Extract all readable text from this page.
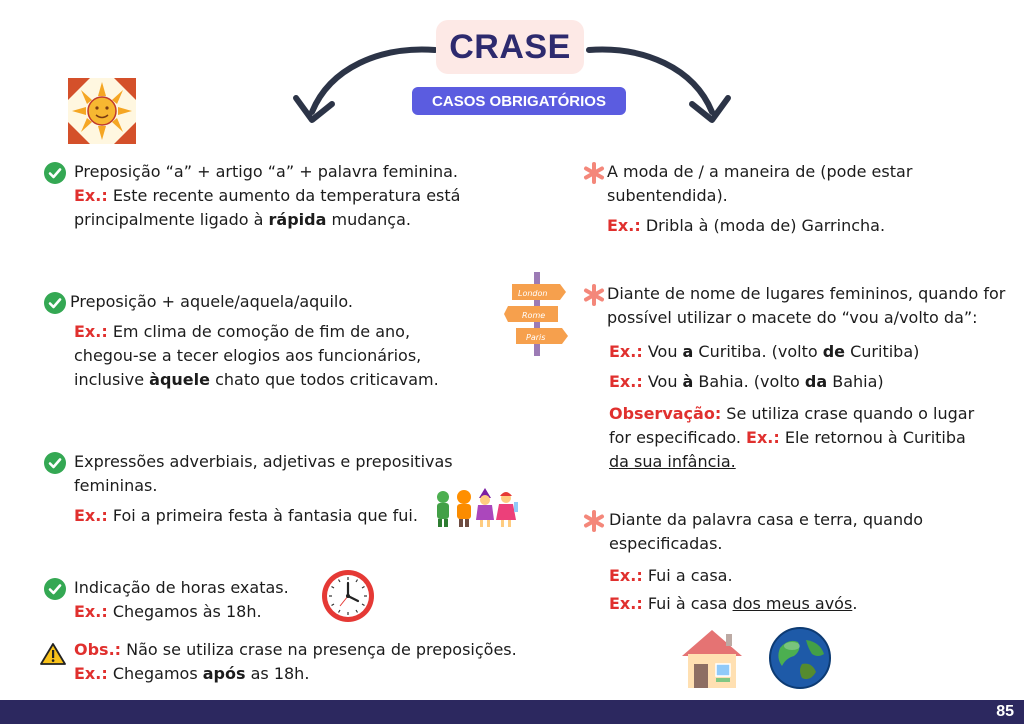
CRASE
CASOS OBRIGATÓRIOS
Preposição “a” + artigo “a” + palavra feminina.
Ex.: Este recente aumento da temperatura está
principalmente ligado à rápida mudança.
Preposição + aquele/aquela/aquilo.
Ex.: Em clima de comoção de fim de ano,
chegou-se a tecer elogios aos funcionários,
inclusive àquele chato que todos criticavam.
Expressões adverbiais, adjetivas e prepositivas
femininas.
Ex.: Foi a primeira festa à fantasia que fui.
Indicação de horas exatas.
Ex.: Chegamos às 18h.
Obs.: Não se utiliza crase na presença de preposições.
Ex.: Chegamos após as 18h.
A moda de / a maneira de (pode estar
subentendida).
Ex.: Dribla à (moda de) Garrincha.
London
Rome
Paris
Diante de nome de lugares femininos, quando for
possível utilizar o macete do “vou a/volto da”:
Ex.: Vou a Curitiba. (volto de Curitiba)
Ex.: Vou à Bahia. (volto da Bahia)
Observação: Se utiliza crase quando o lugar
for especificado. Ex.: Ele retornou à Curitiba
da sua infância.
Diante da palavra casa e terra, quando
especificadas.
Ex.: Fui a casa.
Ex.: Fui à casa dos meus avós.
85
